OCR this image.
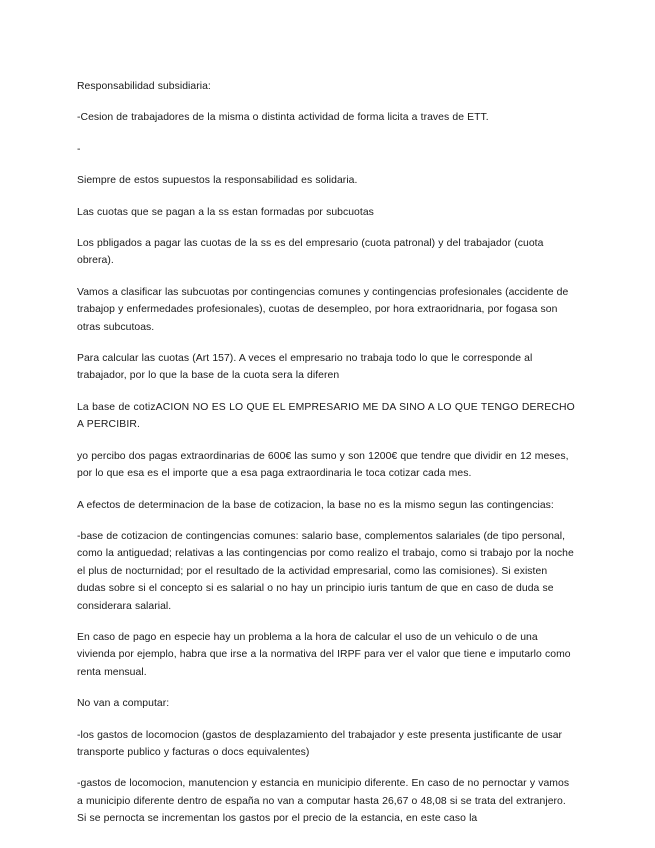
Responsabilidad subsidiaria:

-Cesion de trabajadores de la misma o distinta actividad de forma licita a traves de ETT.

-

Siempre de estos supuestos la responsabilidad es solidaria.

Las cuotas que se pagan a la ss estan formadas por subcuotas

Los pbligados a pagar las cuotas de la ss es del empresario (cuota patronal) y del trabajador (cuota obrera).

Vamos a clasificar las subcuotas por contingencias comunes y contingencias profesionales (accidente de trabajop y enfermedades profesionales), cuotas de desempleo, por hora extraoridnaria, por fogasa son otras subcutoas.

Para calcular las cuotas (Art 157). A veces el empresario no trabaja todo lo que le corresponde al trabajador, por lo que la base de la cuota sera la diferen

La base de cotizACION NO ES LO QUE EL EMPRESARIO ME DA SINO A LO QUE TENGO DERECHO A PERCIBIR.

yo percibo dos pagas extraordinarias de 600€ las sumo y son 1200€ que tendre que dividir en 12 meses, por lo que esa es el importe que a esa paga extraordinaria le toca cotizar cada mes.

A efectos de determinacion de la base de cotizacion, la base no es la mismo segun las contingencias:

-base de cotizacion de contingencias comunes: salario base, complementos salariales (de tipo personal, como la antiguedad; relativas a las contingencias por como realizo el trabajo, como si trabajo por la noche el plus de nocturnidad; por el resultado de la actividad empresarial, como las comisiones). Si existen dudas sobre si el concepto si es salarial o no hay un principio iuris tantum de que en caso de duda se considerara salarial.

En caso de pago en especie hay un problema a la hora de calcular el uso de un vehiculo o de una vivienda por ejemplo, habra que irse a la normativa del IRPF para ver el valor que tiene e imputarlo como renta mensual.

No van a computar:

-los gastos de locomocion (gastos de desplazamiento del trabajador y este presenta justificante de usar transporte publico y facturas o docs equivalentes)

-gastos de locomocion, manutencion y estancia en municipio diferente. En caso de no pernoctar y vamos a municipio diferente dentro de españa no van a computar hasta 26,67 o 48,08 si se trata del extranjero. Si se pernocta se incrementan los gastos por el precio de la estancia, en este caso la
